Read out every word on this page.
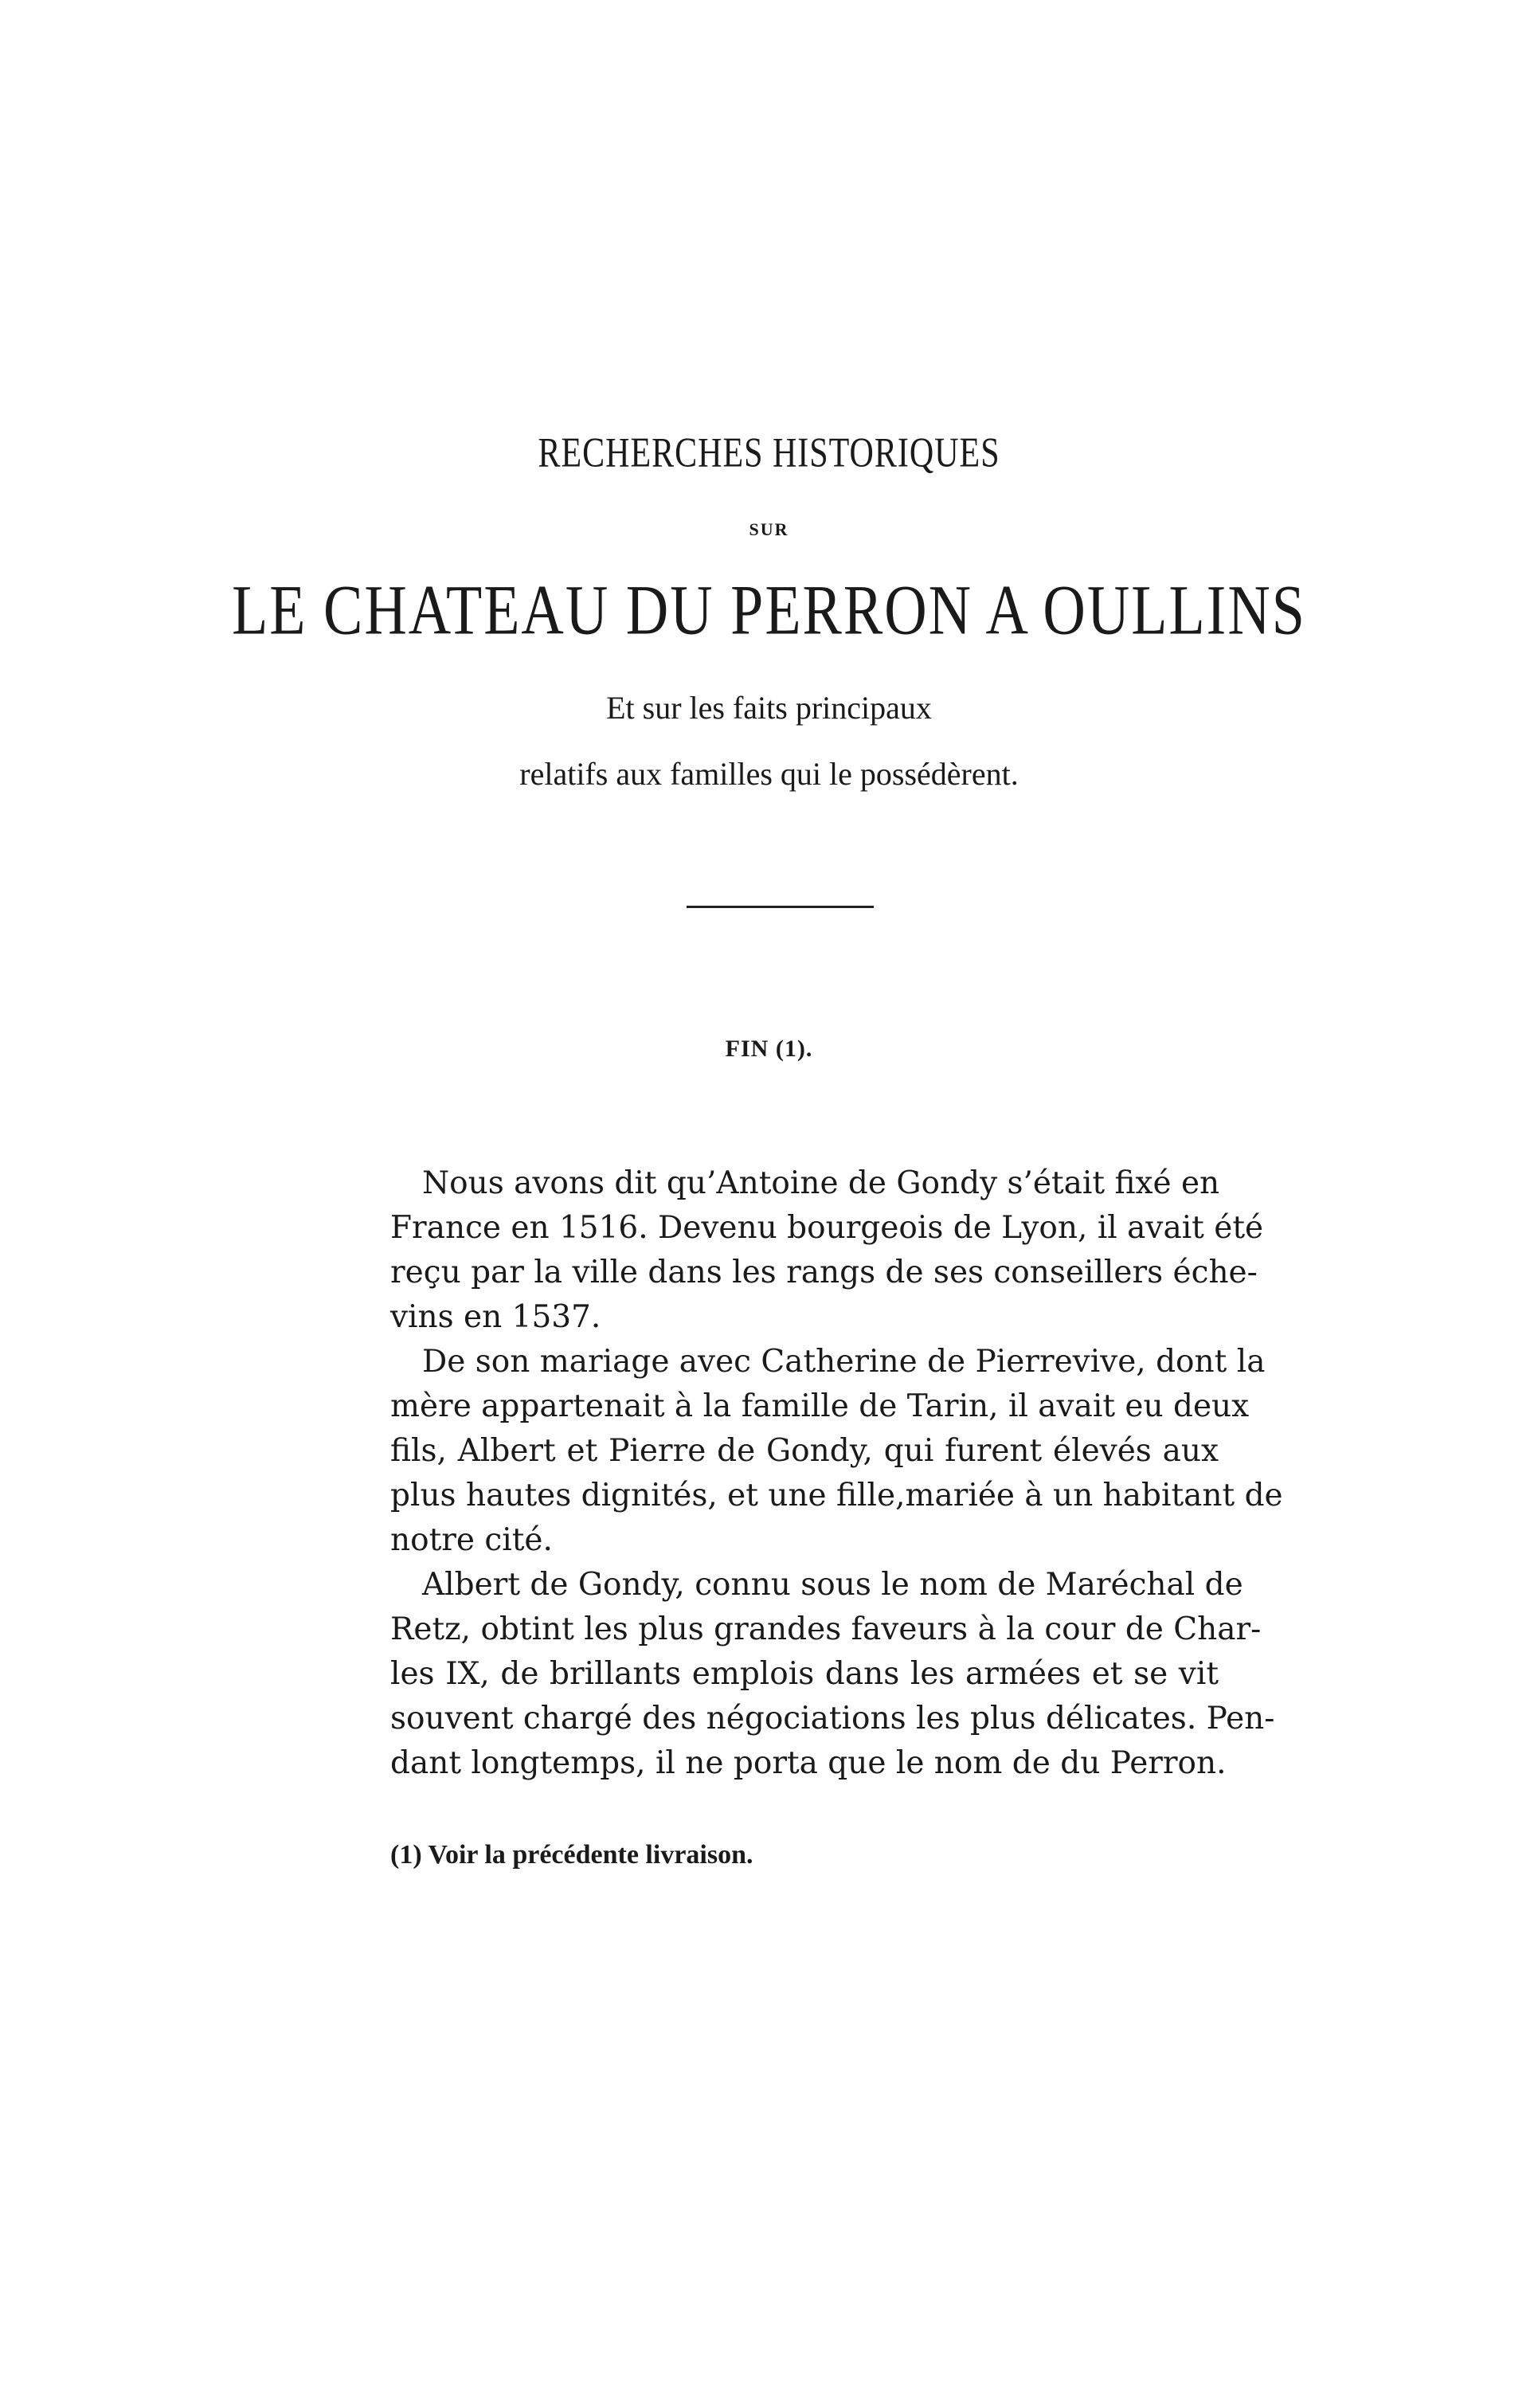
RECHERCHES HISTORIQUES
SUR
LE CHATEAU DU PERRON A OULLINS
Et sur les faits principaux
relatifs aux familles qui le possédèrent.
FIN (1).
Nous avons dit qu’Antoine de Gondy s’était fixé en
France en 1516. Devenu bourgeois de Lyon, il avait été
reçu par la ville dans les rangs de ses conseillers éche-
vins en 1537.
De son mariage avec Catherine de Pierrevive, dont la
mère appartenait à la famille de Tarin, il avait eu deux
fils, Albert et Pierre de Gondy, qui furent élevés aux
plus hautes dignités, et une fille,mariée à un habitant de
notre cité.
Albert de Gondy, connu sous le nom de Maréchal de
Retz, obtint les plus grandes faveurs à la cour de Char-
les IX, de brillants emplois dans les armées et se vit
souvent chargé des négociations les plus délicates. Pen-
dant longtemps, il ne porta que le nom de du Perron.
(1) Voir la précédente livraison.
